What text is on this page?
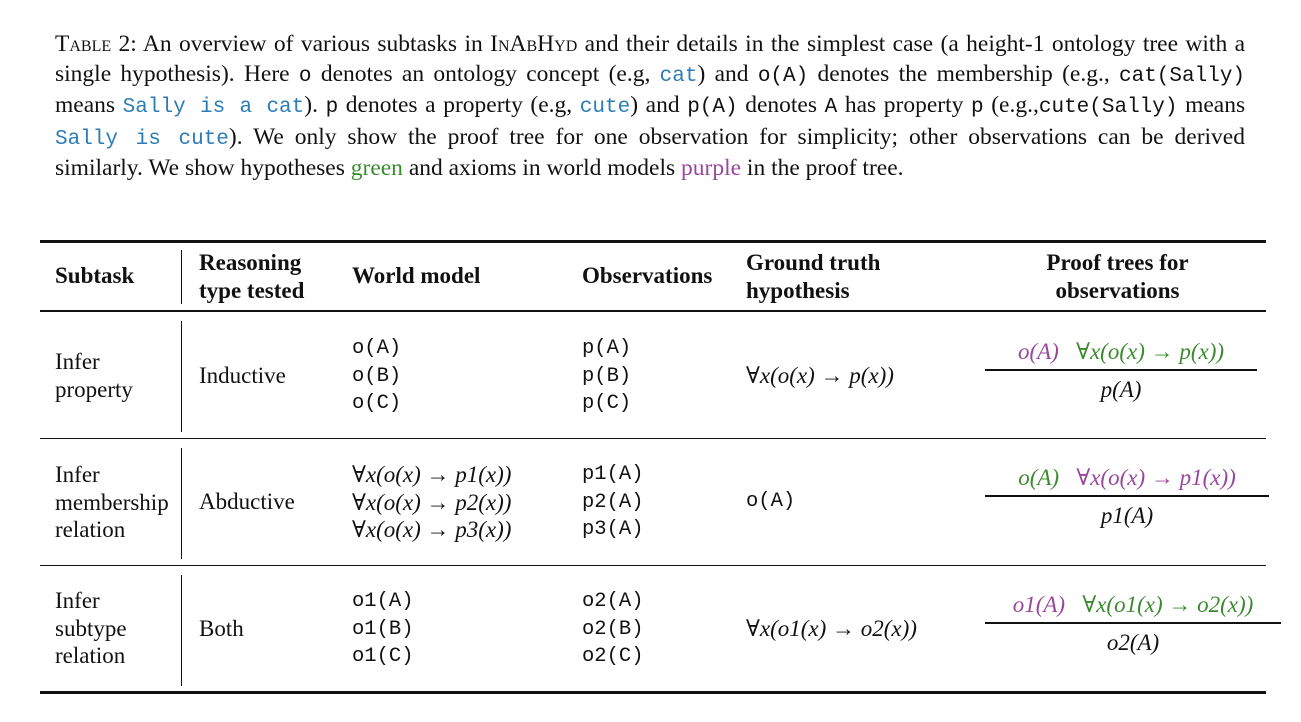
Table 2: An overview of various subtasks in InAbHyd and their details in the simplest case (a height-1 ontology tree with a single hypothesis). Here o denotes an ontology concept (e.g, cat) and o(A) denotes the membership (e.g., cat(Sally) means Sally is a cat). p denotes a property (e.g, cute) and p(A) denotes A has property p (e.g.,cute(Sally) means Sally is cute). We only show the proof tree for one observation for simplicity; other observations can be derived similarly. We show hypotheses green and axioms in world models purple in the proof tree.
Subtask
Reasoning
type tested
World model	Observations
Ground truth
hypothesis
Proof trees for
observations
Infer
property
Inductive
o(A)
o(B)
o(C)
p(A)
p(B)
p(C)
∀x(o(x) → p(x))
o(A) ∀x(o(x) → p(x))
p(A)
Infer
membership
relation
Abductive
∀x(o(x) → p1(x))
∀x(o(x) → p2(x))
∀x(o(x) → p3(x))
p1(A)
p2(A)
p3(A)
o(A)
o(A) ∀x(o(x) → p1(x))
p1(A)
Infer
subtype
relation
Both
o1(A)
o1(B)
o1(C)
o2(A)
o2(B)
o2(C)
∀x(o1(x) → o2(x))
o1(A) ∀x(o1(x) → o2(x))
o2(A)
